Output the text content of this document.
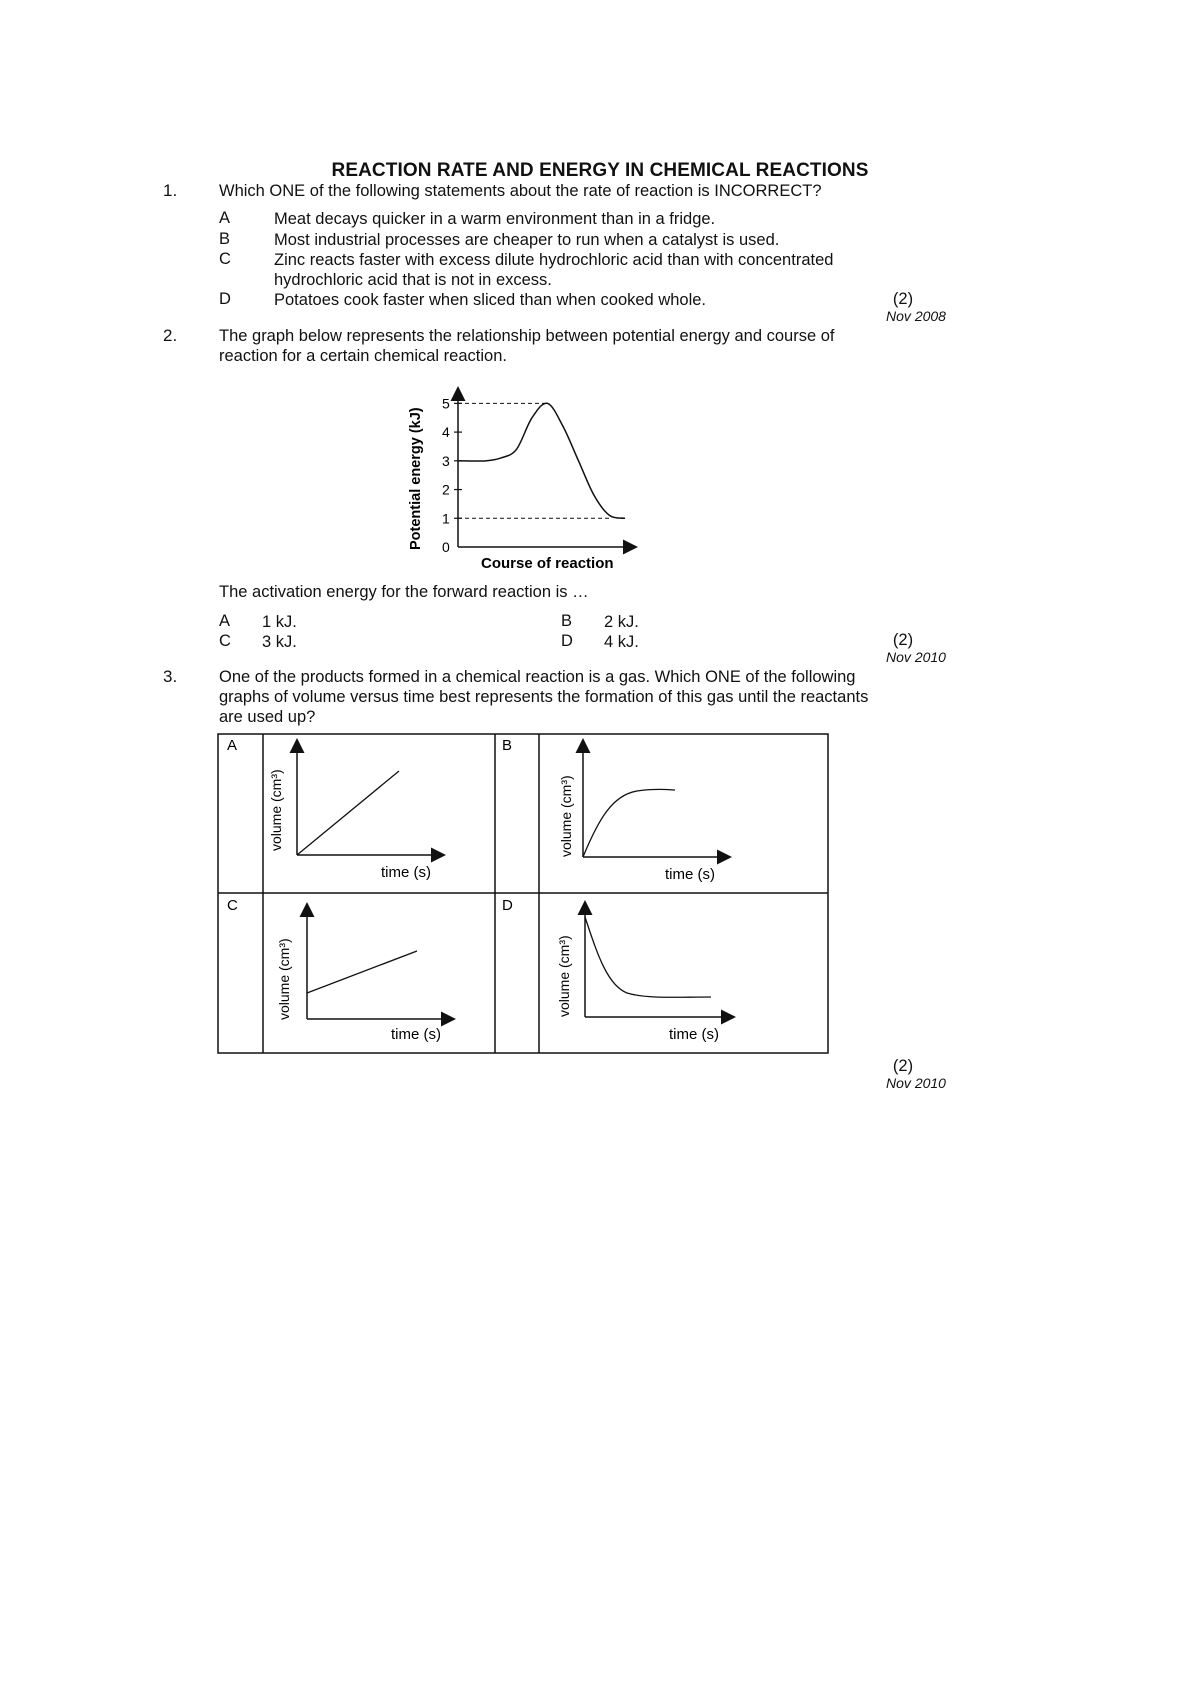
REACTION RATE AND ENERGY IN CHEMICAL REACTIONS
1.	Which ONE of the following statements about the rate of reaction is INCORRECT?
A	Meat decays quicker in a warm environment than in a fridge.
B	Most industrial processes are cheaper to run when a catalyst is used.
C	Zinc reacts faster with excess dilute hydrochloric acid than with concentrated
hydrochloric acid that is not in excess.
D	Potatoes cook faster when sliced than when cooked whole.	(2)
Nov 2008
2.	The graph below represents the relationship between potential energy and course of
reaction for a certain chemical reaction.
Potential energy (kJ)
Course of reaction
0
1
2
3
4
5
The activation energy for the forward reaction is …
A 1 kJ.	B 2 kJ.
C 3 kJ.	D 4 kJ.	(2)
Nov 2010
3.	One of the products formed in a chemical reaction is a gas. Which ONE of the following
graphs of volume versus time best represents the formation of this gas until the reactants
are used up?
A
volume (cm³)
time (s)
B
volume (cm³)
time (s)
C
volume (cm³)
time (s)
D
volume (cm³)
time (s)
(2)
Nov 2010
